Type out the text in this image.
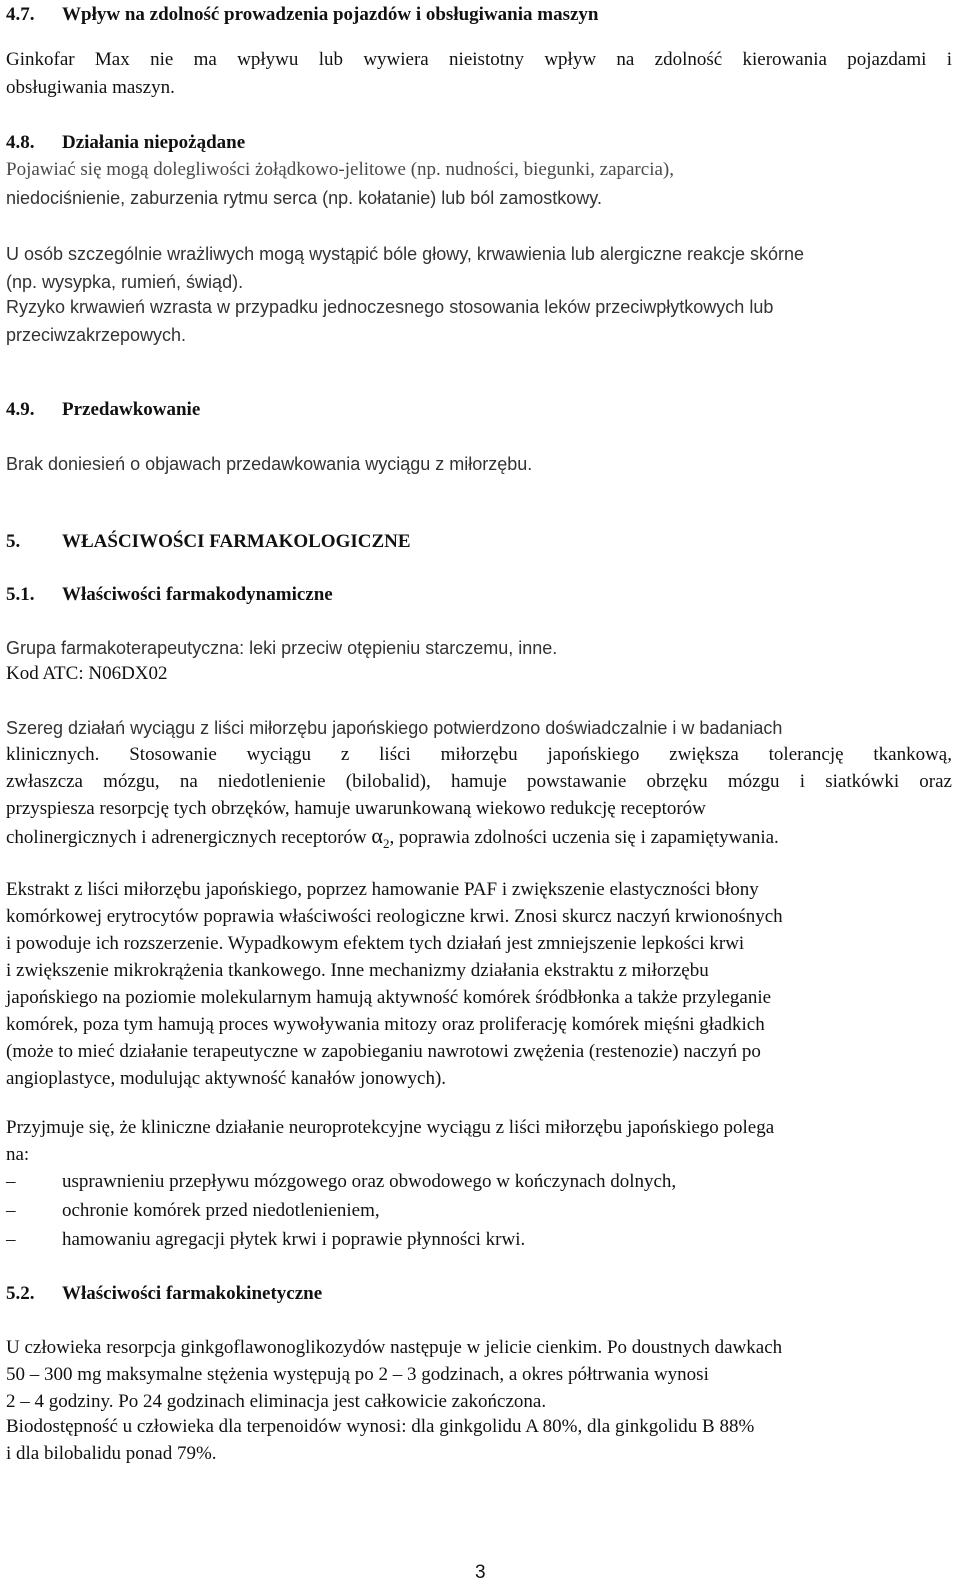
4.7. Wpływ na zdolność prowadzenia pojazdów i obsługiwania maszyn
Ginkofar Max nie ma wpływu lub wywiera nieistotny wpływ na zdolność kierowania pojazdami i
obsługiwania maszyn.
4.8. Działania niepożądane
Pojawiać się mogą dolegliwości żołądkowo-jelitowe (np. nudności, biegunki, zaparcia),
niedociśnienie, zaburzenia rytmu serca (np. kołatanie) lub ból zamostkowy.
U osób szczególnie wrażliwych mogą wystąpić bóle głowy, krwawienia lub alergiczne reakcje skórne
(np. wysypka, rumień, świąd).
Ryzyko krwawień wzrasta w przypadku jednoczesnego stosowania leków przeciwpłytkowych lub
przeciwzakrzepowych.
4.9. Przedawkowanie
Brak doniesień o objawach przedawkowania wyciągu z miłorzębu.
5. WŁAŚCIWOŚCI FARMAKOLOGICZNE
5.1. Właściwości farmakodynamiczne
Grupa farmakoterapeutyczna: leki przeciw otępieniu starczemu, inne.
Kod ATC: N06DX02
Szereg działań wyciągu z liści miłorzębu japońskiego potwierdzono doświadczalnie i w badaniach
klinicznych. Stosowanie wyciągu z liści miłorzębu japońskiego zwiększa tolerancję tkankową,
zwłaszcza mózgu, na niedotlenienie (bilobalid), hamuje powstawanie obrzęku mózgu i siatkówki oraz
przyspiesza resorpcję tych obrzęków, hamuje uwarunkowaną wiekowo redukcję receptorów
cholinergicznych i adrenergicznych receptorów $\alpha_2$, poprawia zdolności uczenia się i zapamiętywania.
Ekstrakt z liści miłorzębu japońskiego, poprzez hamowanie PAF i zwiększenie elastyczności błony
komórkowej erytrocytów poprawia właściwości reologiczne krwi. Znosi skurcz naczyń krwionośnych
i powoduje ich rozszerzenie. Wypadkowym efektem tych działań jest zmniejszenie lepkości krwi
i zwiększenie mikrokrążenia tkankowego. Inne mechanizmy działania ekstraktu z miłorzębu
japońskiego na poziomie molekularnym hamują aktywność komórek śródbłonka a także przyleganie
komórek, poza tym hamują proces wywoływania mitozy oraz proliferację komórek mięśni gładkich
(może to mieć działanie terapeutyczne w zapobieganiu nawrotowi zwężenia (restenozie) naczyń po
angioplastyce, modulując aktywność kanałów jonowych).
Przyjmuje się, że kliniczne działanie neuroprotekcyjne wyciągu z liści miłorzębu japońskiego polega
na:
– usprawnieniu przepływu mózgowego oraz obwodowego w kończynach dolnych,
– ochronie komórek przed niedotlenieniem,
– hamowaniu agregacji płytek krwi i poprawie płynności krwi.
5.2. Właściwości farmakokinetyczne
U człowieka resorpcja ginkgoflawonoglikozydów następuje w jelicie cienkim. Po doustnych dawkach
50 – 300 mg maksymalne stężenia występują po 2 – 3 godzinach, a okres półtrwania wynosi
2 – 4 godziny. Po 24 godzinach eliminacja jest całkowicie zakończona.
Biodostępność u człowieka dla terpenoidów wynosi: dla ginkgolidu A 80%, dla ginkgolidu B 88%
i dla bilobalidu ponad 79%.
3
